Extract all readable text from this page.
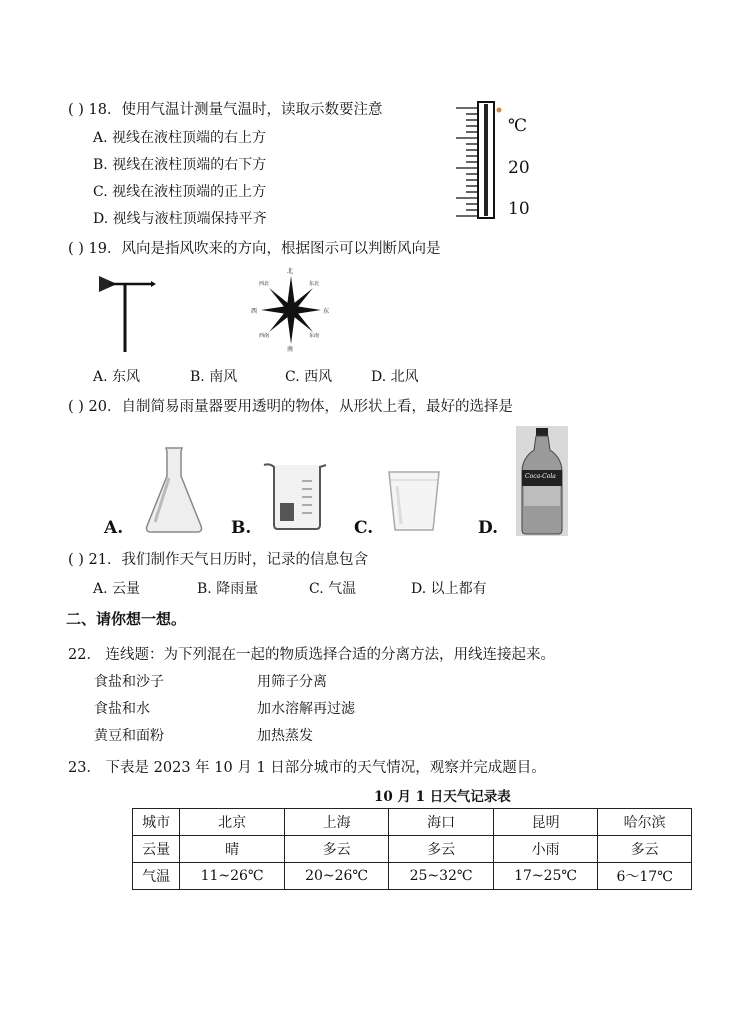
( ) 18．使用气温计测量气温时，读取示数要注意
A. 视线在液柱顶端的右上方
B. 视线在液柱顶端的右下方
C. 视线在液柱顶端的正上方
D. 视线与液柱顶端保持平齐
℃
20
10
( ) 19．风向是指风吹来的方向，根据图示可以判断风向是
北
南
西	东
东北
西北
东南
西南
A. 东风	B. 南风	C. 西风	D. 北风
( ) 20．自制简易雨量器要用透明的物体，从形状上看，最好的选择是
A.	B.	C.	D.
Coca-Cola
( ) 21．我们制作天气日历时，记录的信息包含
A. 云量	B. 降雨量	C. 气温	D. 以上都有
二、请你想一想。
22． 连线题：为下列混在一起的物质选择合适的分离方法，用线连接起来。
食盐和沙子
食盐和水
黄豆和面粉
用筛子分离
加水溶解再过滤
加热蒸发
23． 下表是 2023 年 10 月 1 日部分城市的天气情况，观察并完成题目。
10 月 1 日天气记录表
城市	北京	上海	海口	昆明	哈尔滨
云量	晴	多云	多云	小雨	多云
气温	11~26℃	20~26℃	25~32℃	17~25℃	6～17℃
